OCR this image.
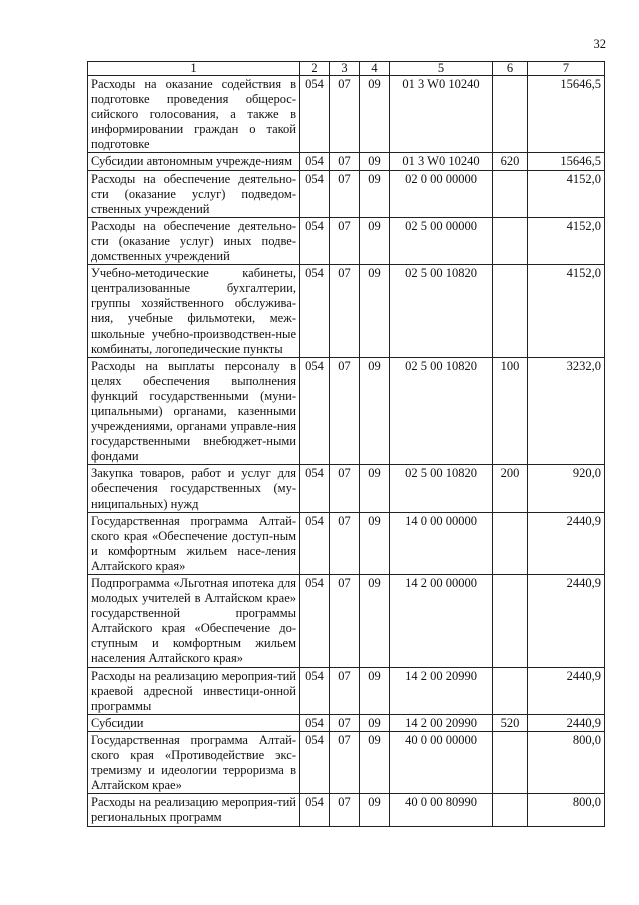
32
1	2	3	4	5	6	7
Расходы на оказание содействия в подготовке проведения общерос-сийского голосования, а также в информировании граждан о такой подготовке	054	07	09	01 3 W0 10240		15646,5
Субсидии автономным учрежде-ниям	054	07	09	01 3 W0 10240	620	15646,5
Расходы на обеспечение деятельно-сти (оказание услуг) подведом-ственных учреждений	054	07	09	02 0 00 00000		4152,0
Расходы на обеспечение деятельно-сти (оказание услуг) иных подве-домственных учреждений	054	07	09	02 5 00 00000		4152,0
Учебно-методические кабинеты, централизованные бухгалтерии, группы хозяйственного обслужива-ния, учебные фильмотеки, меж-школьные учебно-производствен-ные комбинаты, логопедические пункты	054	07	09	02 5 00 10820		4152,0
Расходы на выплаты персоналу в целях обеспечения выполнения функций государственными (муни-ципальными) органами, казенными учреждениями, органами управле-ния государственными внебюджет-ными фондами	054	07	09	02 5 00 10820	100	3232,0
Закупка товаров, работ и услуг для обеспечения государственных (му-ниципальных) нужд	054	07	09	02 5 00 10820	200	920,0
Государственная программа Алтай-ского края «Обеспечение доступ-ным и комфортным жильем насе-ления Алтайского края»	054	07	09	14 0 00 00000		2440,9
Подпрограмма «Льготная ипотека для молодых учителей в Алтайском крае» государственной программы Алтайского края «Обеспечение до-ступным и комфортным жильем населения Алтайского края»	054	07	09	14 2 00 00000		2440,9
Расходы на реализацию мероприя-тий краевой адресной инвестици-онной программы	054	07	09	14 2 00 20990		2440,9
Субсидии	054	07	09	14 2 00 20990	520	2440,9
Государственная программа Алтай-ского края «Противодействие экс-тремизму и идеологии терроризма в Алтайском крае»	054	07	09	40 0 00 00000		800,0
Расходы на реализацию мероприя-тий региональных программ	054	07	09	40 0 00 80990		800,0
